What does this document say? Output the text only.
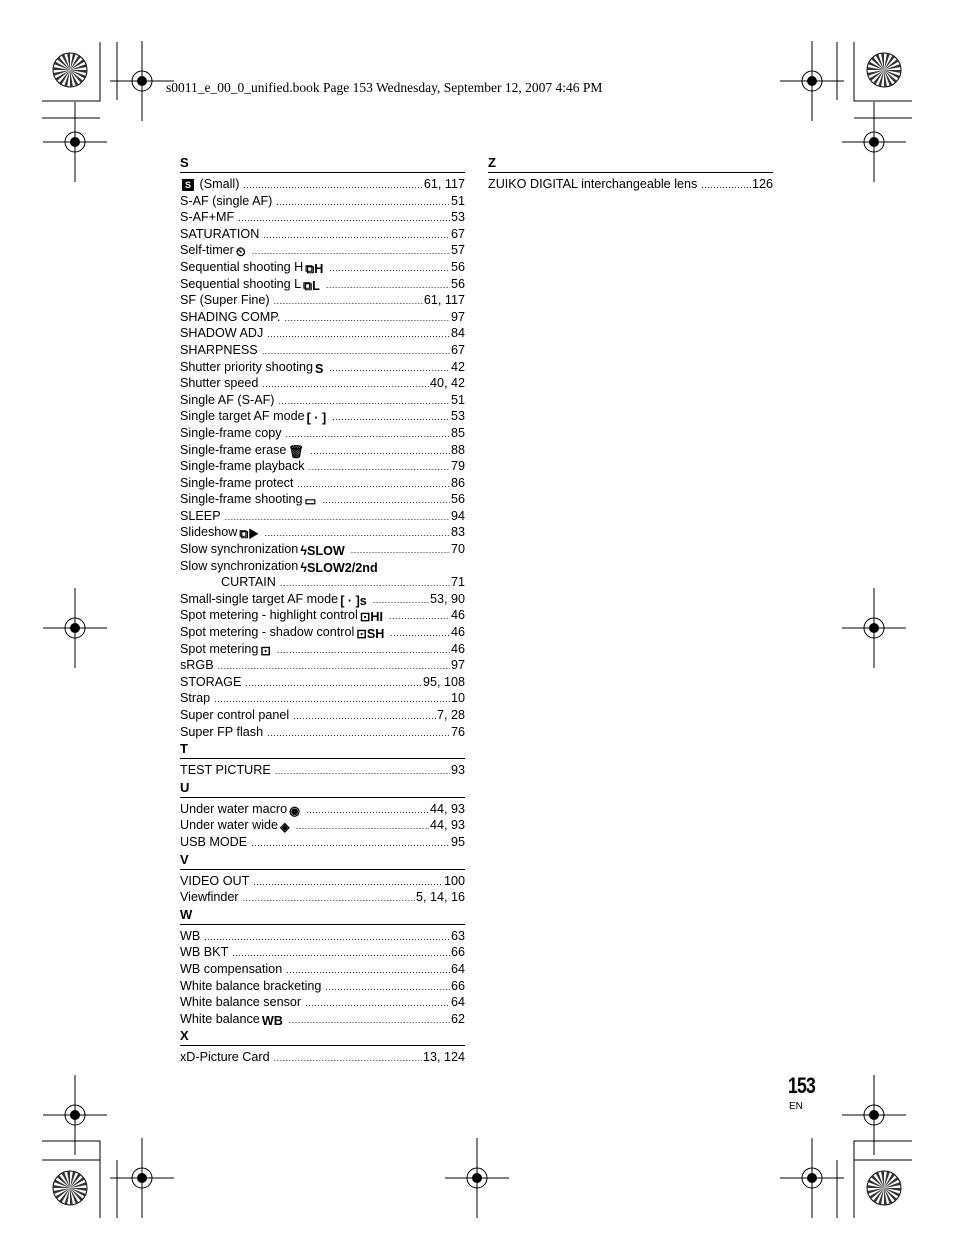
s0011_e_00_0_unified.book Page 153 Wednesday, September 12, 2007 4:46 PM
S
S (Small) .....	61, 117
S-AF (single AF) .....	51
S-AF+MF .....	53
SATURATION .....	67
Self-timer ⏲ .....	57
Sequential shooting H ⧉H .....	56
Sequential shooting L ⧉L .....	56
SF (Super Fine) .....	61, 117
SHADING COMP. .....	97
SHADOW ADJ .....	84
SHARPNESS .....	67
Shutter priority shooting S .....	42
Shutter speed .....	40, 42
Single AF (S-AF) .....	51
Single target AF mode [ · ] .....	53
Single-frame copy .....	85
Single-frame erase 🗑 .....	88
Single-frame playback .....	79
Single-frame protect .....	86
Single-frame shooting ▭ .....	56
SLEEP .....	94
Slideshow ⧉▶ .....	83
Slow synchronization ϟSLOW .....	70
Slow synchronization ϟSLOW2/2nd
CURTAIN .....	71
Small-single target AF mode [ · ]s .....	53, 90
Spot metering - highlight control ⊡HI .....	46
Spot metering - shadow control ⊡SH .....	46
Spot metering ⊡ .....	46
sRGB .....	97
STORAGE .....	95, 108
Strap .....	10
Super control panel .....	7, 28
Super FP flash .....	76
T
TEST PICTURE .....	93
U
Under water macro ◉ .....	44, 93
Under water wide ◈ .....	44, 93
USB MODE .....	95
V
VIDEO OUT .....	100
Viewfinder .....	5, 14, 16
W
WB .....	63
WB BKT .....	66
WB compensation .....	64
White balance bracketing .....	66
White balance sensor .....	64
White balance WB .....	62
X
xD-Picture Card .....	13, 124
Z
ZUIKO DIGITAL interchangeable lens .....	126
153
EN
